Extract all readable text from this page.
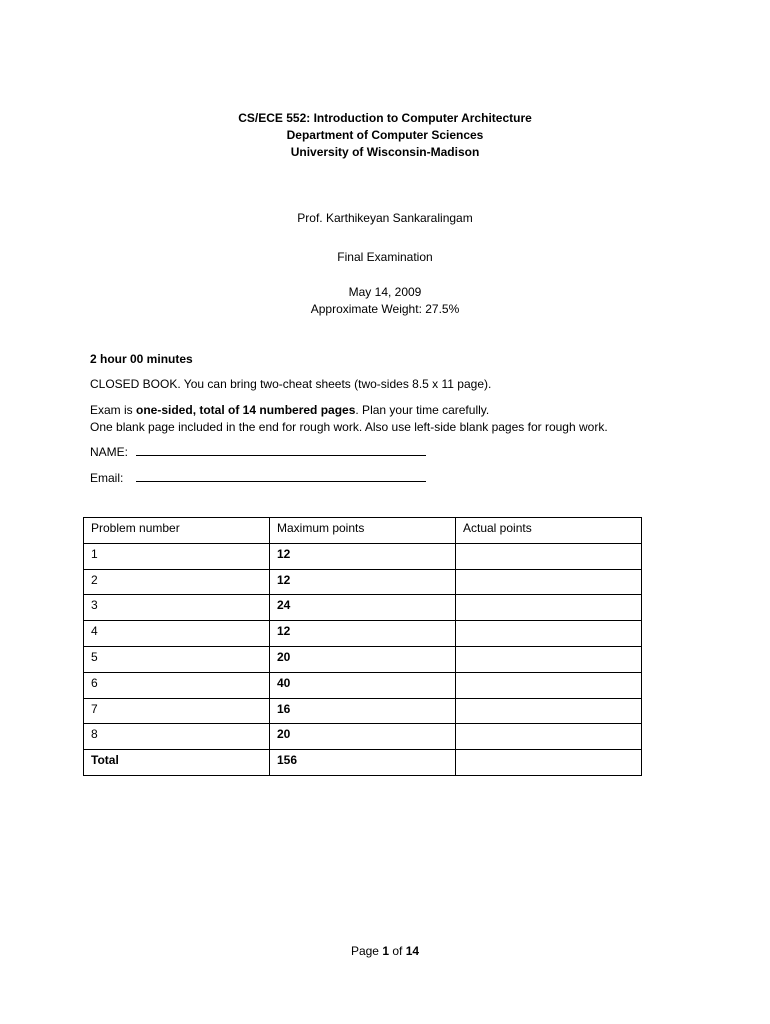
CS/ECE 552: Introduction to Computer Architecture
Department of Computer Sciences
University of Wisconsin-Madison
Prof. Karthikeyan Sankaralingam
Final Examination
May 14, 2009
Approximate Weight: 27.5%
2 hour 00 minutes
CLOSED BOOK. You can bring two-cheat sheets (two-sides 8.5 x 11 page).
Exam is one-sided, total of 14 numbered pages. Plan your time carefully.
One blank page included in the end for rough work. Also use left-side blank pages for rough work.
NAME:
Email:
Problem number	Maximum points	Actual points
1	12	
2	12	
3	24	
4	12	
5	20	
6	40	
7	16	
8	20	
Total	156	
Page 1 of 14
